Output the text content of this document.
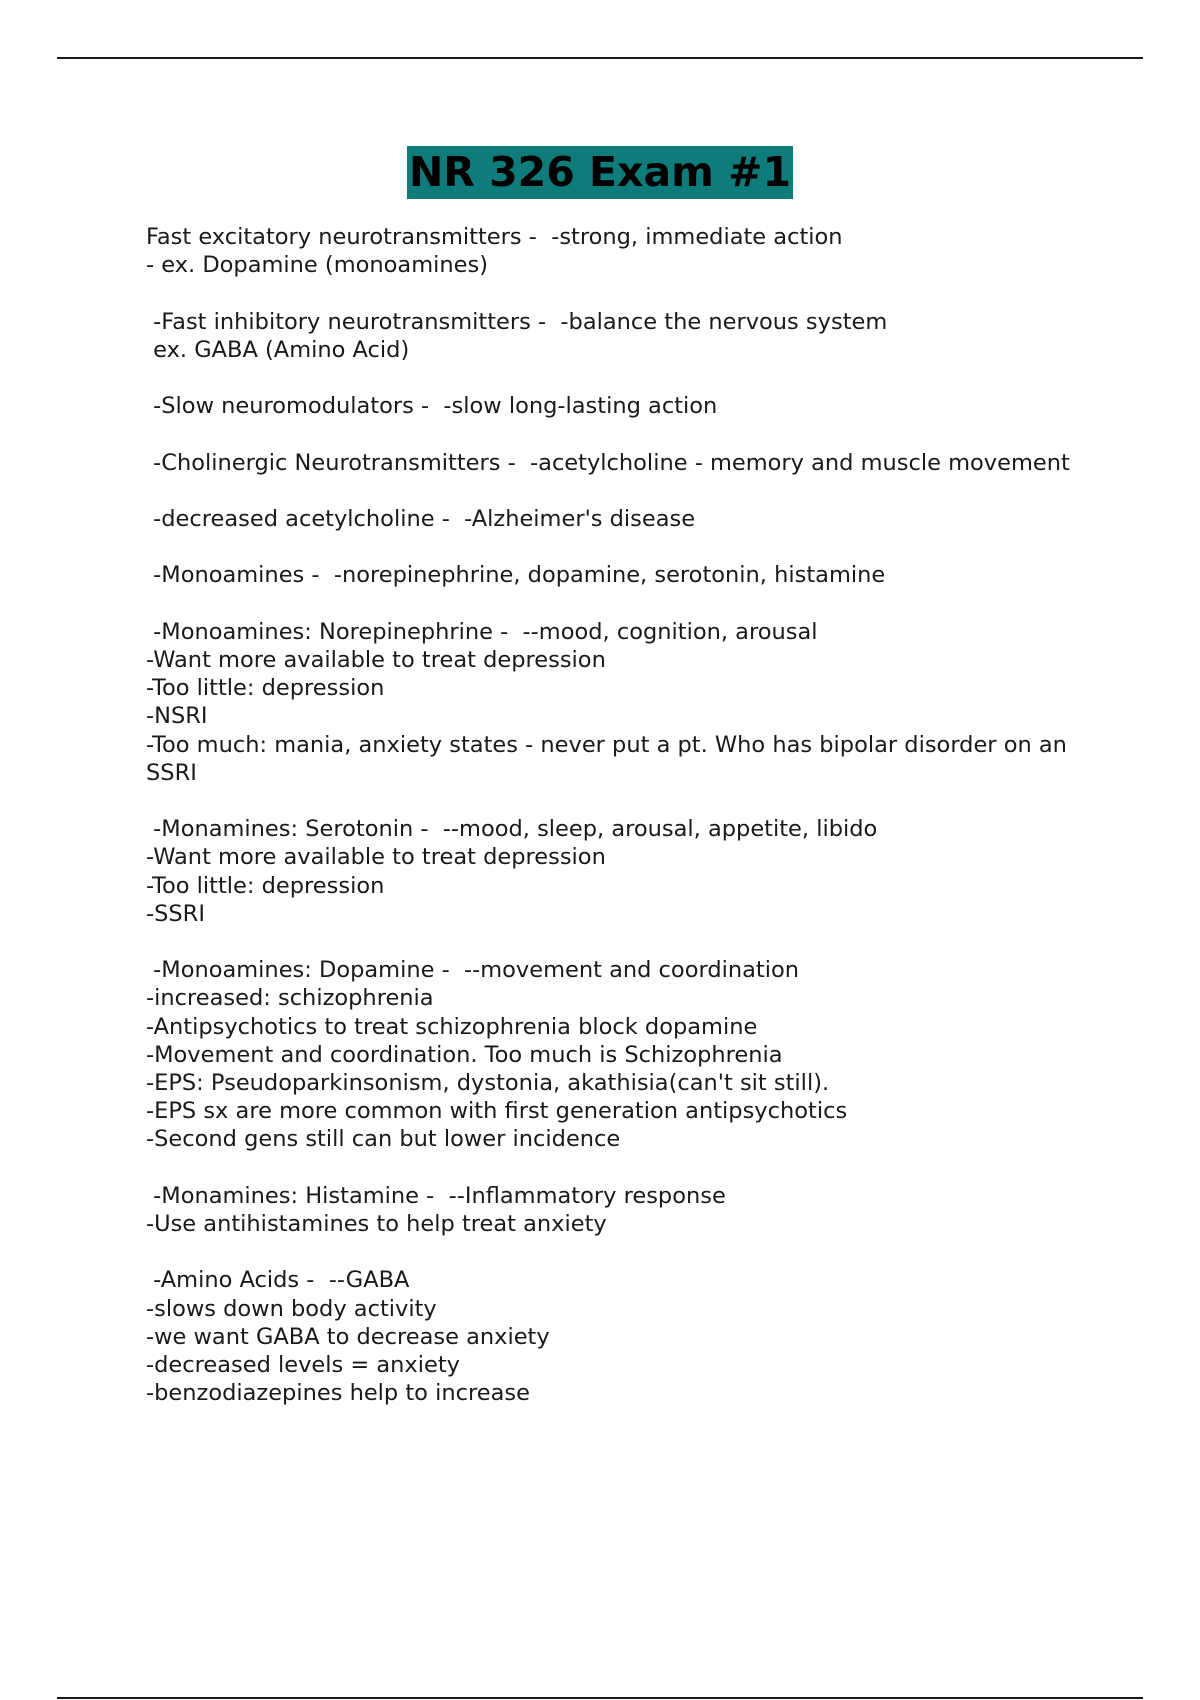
NR 326 Exam #1
Fast excitatory neurotransmitters -  -strong, immediate action
- ex. Dopamine (monoamines)
-Fast inhibitory neurotransmitters -  -balance the nervous system
ex. GABA (Amino Acid)
-Slow neuromodulators -  -slow long-lasting action
-Cholinergic Neurotransmitters -  -acetylcholine - memory and muscle movement
-decreased acetylcholine -  -Alzheimer's disease
-Monoamines -  -norepinephrine, dopamine, serotonin, histamine
-Monoamines: Norepinephrine -  --mood, cognition, arousal
-Want more available to treat depression
-Too little: depression
-NSRI
-Too much: mania, anxiety states - never put a pt. Who has bipolar disorder on an SSRI
-Monamines: Serotonin -  --mood, sleep, arousal, appetite, libido
-Want more available to treat depression
-Too little: depression
-SSRI
-Monoamines: Dopamine -  --movement and coordination
-increased: schizophrenia
-Antipsychotics to treat schizophrenia block dopamine
-Movement and coordination. Too much is Schizophrenia
-EPS: Pseudoparkinsonism, dystonia, akathisia(can't sit still).
-EPS sx are more common with first generation antipsychotics
-Second gens still can but lower incidence
-Monamines: Histamine -  --Inflammatory response
-Use antihistamines to help treat anxiety
-Amino Acids -  --GABA
-slows down body activity
-we want GABA to decrease anxiety
-decreased levels = anxiety
-benzodiazepines help to increase
